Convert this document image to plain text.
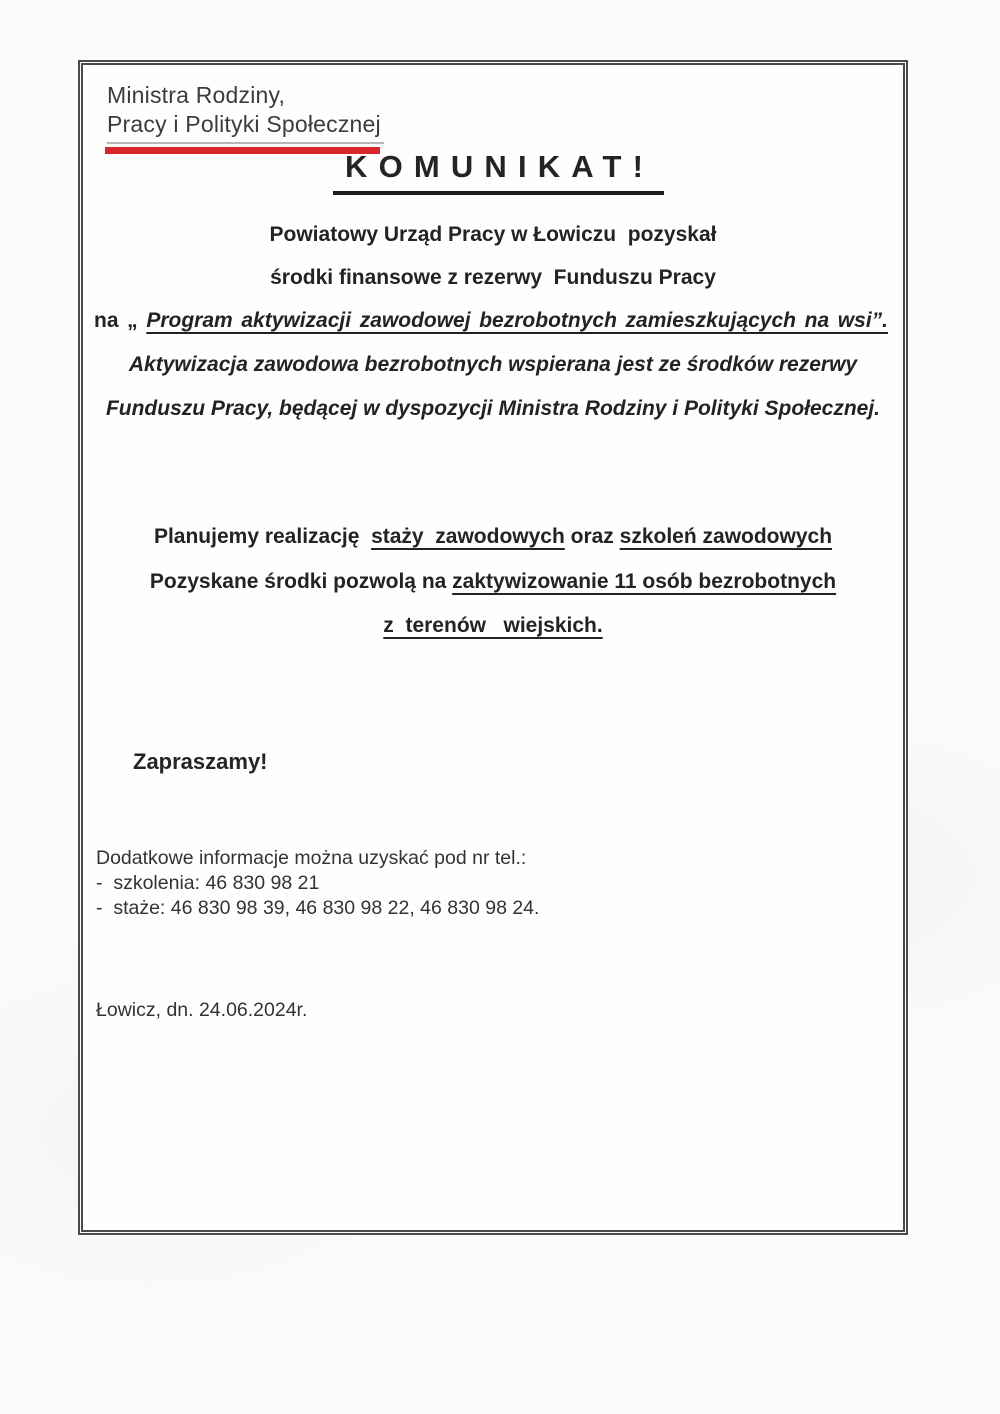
Ministra Rodziny,
Pracy i Polityki Społecznej
KOMUNIKAT!

Powiatowy Urząd Pracy w Łowiczu  pozyskał

środki finansowe z rezerwy  Funduszu Pracy

na „ Program aktywizacji zawodowej bezrobotnych zamieszkujących na wsi”.

Aktywizacja zawodowa bezrobotnych wspierana jest ze środków rezerwy

Funduszu Pracy, będącej w dyspozycji Ministra Rodziny i Polityki Społecznej.

Planujemy realizację  staży  zawodowych oraz szkoleń zawodowych

Pozyskane środki pozwolą na zaktywizowanie 11 osób bezrobotnych

z  terenów   wiejskich.

Zapraszamy!

Dodatkowe informacje można uzyskać pod nr tel.:

-  szkolenia: 46 830 98 21

-  staże: 46 830 98 39, 46 830 98 22, 46 830 98 24.

Łowicz, dn. 24.06.2024r.
